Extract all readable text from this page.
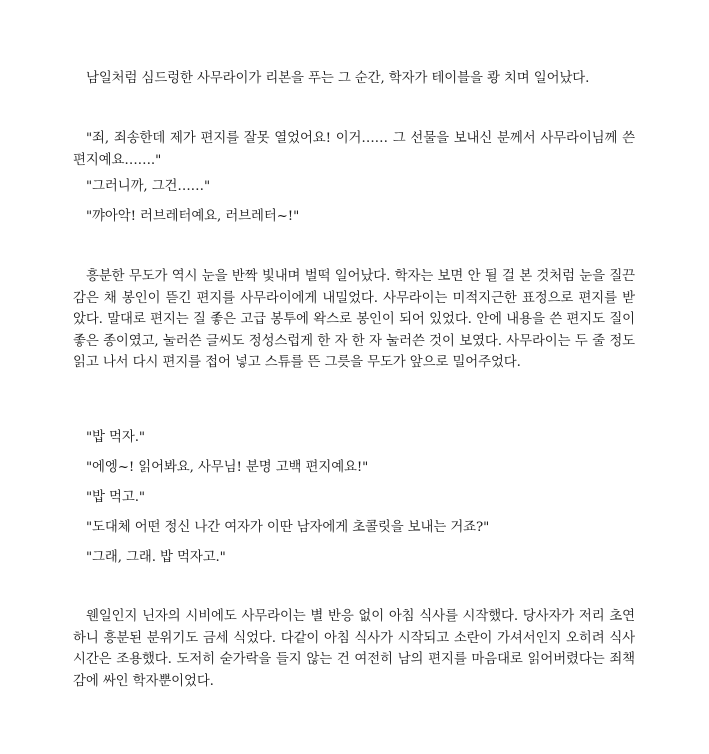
남일처럼 심드렁한 사무라이가 리본을 푸는 그 순간, 학자가 테이블을 쾅 치며 일어났다.

"죄, 죄송한데 제가 편지를 잘못 열었어요! 이거…… 그 선물을 보내신 분께서 사무라이님께 쓴 편지예요……."

"그러니까, 그건……"

"꺄아악! 러브레터예요, 러브레터~!"

흥분한 무도가 역시 눈을 반짝 빛내며 벌떡 일어났다. 학자는 보면 안 될 걸 본 것처럼 눈을 질끈 감은 채 봉인이 뜯긴 편지를 사무라이에게 내밀었다. 사무라이는 미적지근한 표정으로 편지를 받았다. 말대로 편지는 질 좋은 고급 봉투에 왁스로 봉인이 되어 있었다. 안에 내용을 쓴 편지도 질이 좋은 종이였고, 눌러쓴 글씨도 정성스럽게 한 자 한 자 눌러쓴 것이 보였다. 사무라이는 두 줄 정도 읽고 나서 다시 편지를 접어 넣고 스튜를 뜬 그릇을 무도가 앞으로 밀어주었다.

"밥 먹자."

"에엥~! 읽어봐요, 사무님! 분명 고백 편지예요!"

"밥 먹고."

"도대체 어떤 정신 나간 여자가 이딴 남자에게 초콜릿을 보내는 거죠?"

"그래, 그래. 밥 먹자고."

웬일인지 닌자의 시비에도 사무라이는 별 반응 없이 아침 식사를 시작했다. 당사자가 저리 초연하니 흥분된 분위기도 금세 식었다. 다같이 아침 식사가 시작되고 소란이 가셔서인지 오히려 식사 시간은 조용했다. 도저히 숟가락을 들지 않는 건 여전히 남의 편지를 마음대로 읽어버렸다는 죄책감에 싸인 학자뿐이었다.
